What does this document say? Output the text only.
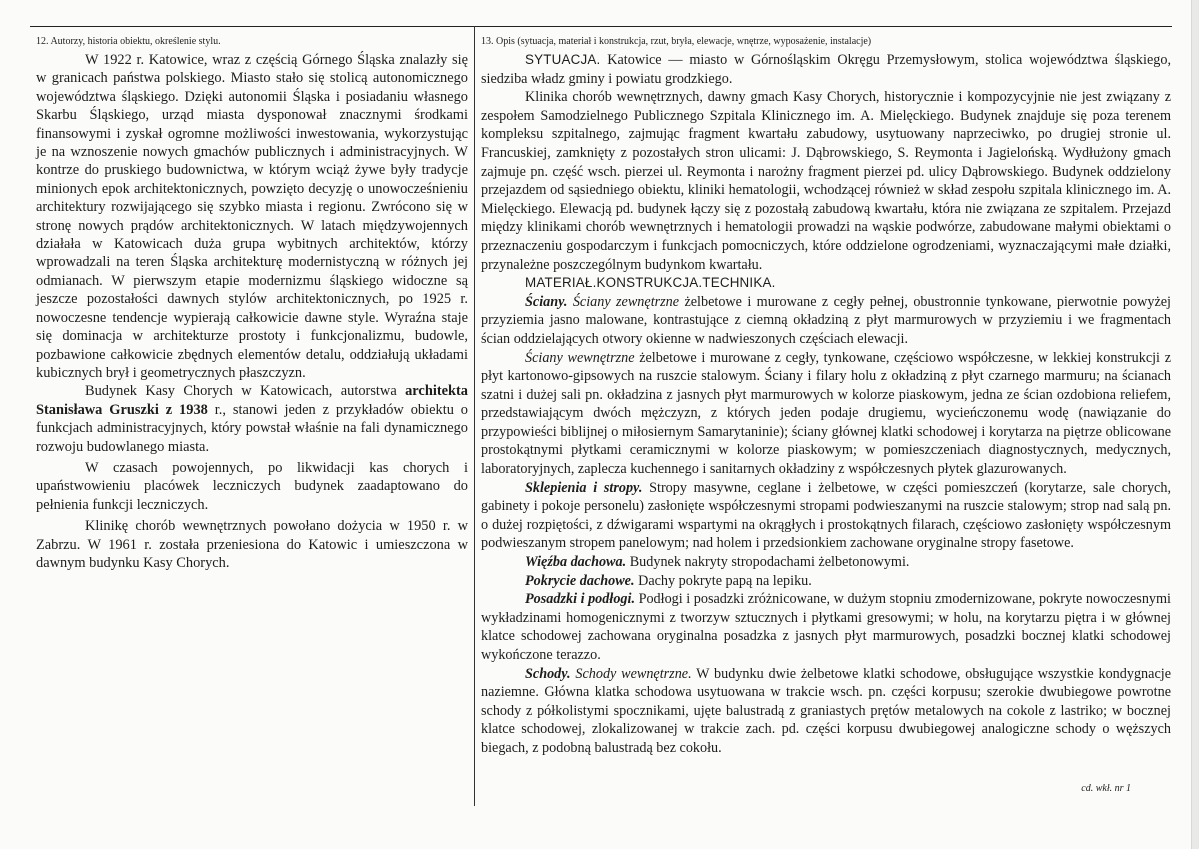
12. Autorzy, historia obiektu, określenie stylu.

W 1922 r. Katowice, wraz z częścią Górnego Śląska znalazły się w granicach państwa polskiego. Miasto stało się stolicą autonomicznego województwa śląskiego. Dzięki autonomii Śląska i posiadaniu własnego Skarbu Śląskiego, urząd miasta dysponował znacznymi środkami finansowymi i zyskał ogromne możliwości inwestowania, wykorzystując je na wznoszenie nowych gmachów publicznych i administracyjnych. W kontrze do pruskiego budownictwa, w którym wciąż żywe były tradycje minionych epok architektonicznych, powzięto decyzję o unowocześnieniu architektury rozwijającego się szybko miasta i regionu. Zwrócono się w stronę nowych prądów architektonicznych. W latach międzywojennych działała w Katowicach duża grupa wybitnych architektów, którzy wprowadzali na teren Śląska architekturę modernistyczną w różnych jej odmianach. W pierwszym etapie modernizmu śląskiego widoczne są jeszcze pozostałości dawnych stylów architektonicznych, po 1925 r. nowoczesne tendencje wypierają całkowicie dawne style. Wyraźna staje się dominacja w architekturze prostoty i funkcjonalizmu, budowle, pozbawione całkowicie zbędnych elementów detalu, oddziałują układami kubicznych brył i geometrycznych płaszczyzn.

Budynek Kasy Chorych w Katowicach, autorstwa architekta Stanisława Gruszki z 1938 r., stanowi jeden z przykładów obiektu o funkcjach administracyjnych, który powstał właśnie na fali dynamicznego rozwoju budowlanego miasta.

W czasach powojennych, po likwidacji kas chorych i upaństwowieniu placówek leczniczych budynek zaadaptowano do pełnienia funkcji leczniczych.

Klinikę chorób wewnętrznych powołano dożycia w 1950 r. w Zabrzu. W 1961 r. została przeniesiona do Katowic i umieszczona w dawnym budynku Kasy Chorych.

13. Opis (sytuacja, materiał i konstrukcja, rzut, bryła, elewacje, wnętrze, wyposażenie, instalacje)

SYTUACJA. Katowice — miasto w Górnośląskim Okręgu Przemysłowym, stolica województwa śląskiego, siedziba władz gminy i powiatu grodzkiego.

Klinika chorób wewnętrznych, dawny gmach Kasy Chorych, historycznie i kompozycyjnie nie jest związany z zespołem Samodzielnego Publicznego Szpitala Klinicznego im. A. Mielęckiego. Budynek znajduje się poza terenem kompleksu szpitalnego, zajmując fragment kwartału zabudowy, usytuowany naprzeciwko, po drugiej stronie ul. Francuskiej, zamknięty z pozostałych stron ulicami: J. Dąbrowskiego, S. Reymonta i Jagielońską. Wydłużony gmach zajmuje pn. część wsch. pierzei ul. Reymonta i narożny fragment pierzei pd. ulicy Dąbrowskiego. Budynek oddzielony przejazdem od sąsiedniego obiektu, kliniki hematologii, wchodzącej również w skład zespołu szpitala klinicznego im. A. Mielęckiego. Elewacją pd. budynek łączy się z pozostałą zabudową kwartału, która nie związana ze szpitalem. Przejazd między klinikami chorób wewnętrznych i hematologii prowadzi na wąskie podwórze, zabudowane małymi obiektami o przeznaczeniu gospodarczym i funkcjach pomocniczych, które oddzielone ogrodzeniami, wyznaczającymi małe działki, przynależne poszczególnym budynkom kwartału.

MATERIAŁ.KONSTRUKCJA.TECHNIKA.

Ściany. Ściany zewnętrzne żelbetowe i murowane z cegły pełnej, obustronnie tynkowane, pierwotnie powyżej przyziemia jasno malowane, kontrastujące z ciemną okładziną z płyt marmurowych w przyziemiu i we fragmentach ścian oddzielających otwory okienne w nadwieszonych częściach elewacji.

Ściany wewnętrzne żelbetowe i murowane z cegły, tynkowane, częściowo współczesne, w lekkiej konstrukcji z płyt kartonowo-gipsowych na ruszcie stalowym. Ściany i filary holu z okładziną z płyt czarnego marmuru; na ścianach szatni i dużej sali pn. okładzina z jasnych płyt marmurowych w kolorze piaskowym, jedna ze ścian ozdobiona reliefem, przedstawiającym dwóch mężczyzn, z których jeden podaje drugiemu, wycieńczonemu wodę (nawiązanie do przypowieści biblijnej o miłosiernym Samarytaninie); ściany głównej klatki schodowej i korytarza na piętrze oblicowane prostokątnymi płytkami ceramicznymi w kolorze piaskowym; w pomieszczeniach diagnostycznych, medycznych, laboratoryjnych, zaplecza kuchennego i sanitarnych okładziny z współczesnych płytek glazurowanych.

Sklepienia i stropy. Stropy masywne, ceglane i żelbetowe, w części pomieszczeń (korytarze, sale chorych, gabinety i pokoje personelu) zasłonięte współczesnymi stropami podwieszanymi na ruszcie stalowym; strop nad salą pn. o dużej rozpiętości, z dźwigarami wspartymi na okrągłych i prostokątnych filarach, częściowo zasłonięty współczesnym podwieszanym stropem panelowym; nad holem i przedsionkiem zachowane oryginalne stropy fasetowe.

Więźba dachowa. Budynek nakryty stropodachami żelbetonowymi.

Pokrycie dachowe. Dachy pokryte papą na lepiku.

Posadzki i podłogi. Podłogi i posadzki zróżnicowane, w dużym stopniu zmodernizowane, pokryte nowoczesnymi wykładzinami homogenicznymi z tworzyw sztucznych i płytkami gresowymi; w holu, na korytarzu piętra i w głównej klatce schodowej zachowana oryginalna posadzka z jasnych płyt marmurowych, posadzki bocznej klatki schodowej wykończone terazzo.

Schody. Schody wewnętrzne. W budynku dwie żelbetowe klatki schodowe, obsługujące wszystkie kondygnacje naziemne. Główna klatka schodowa usytuowana w trakcie wsch. pn. części korpusu; szerokie dwubiegowe powrotne schody z półkolistymi spocznikami, ujęte balustradą z graniastych prętów metalowych na cokole z lastriko; w bocznej klatce schodowej, zlokalizowanej w trakcie zach. pd. części korpusu dwubiegowej analogiczne schody o węższych biegach, z podobną balustradą bez cokołu.

cd. wkł. nr 1
